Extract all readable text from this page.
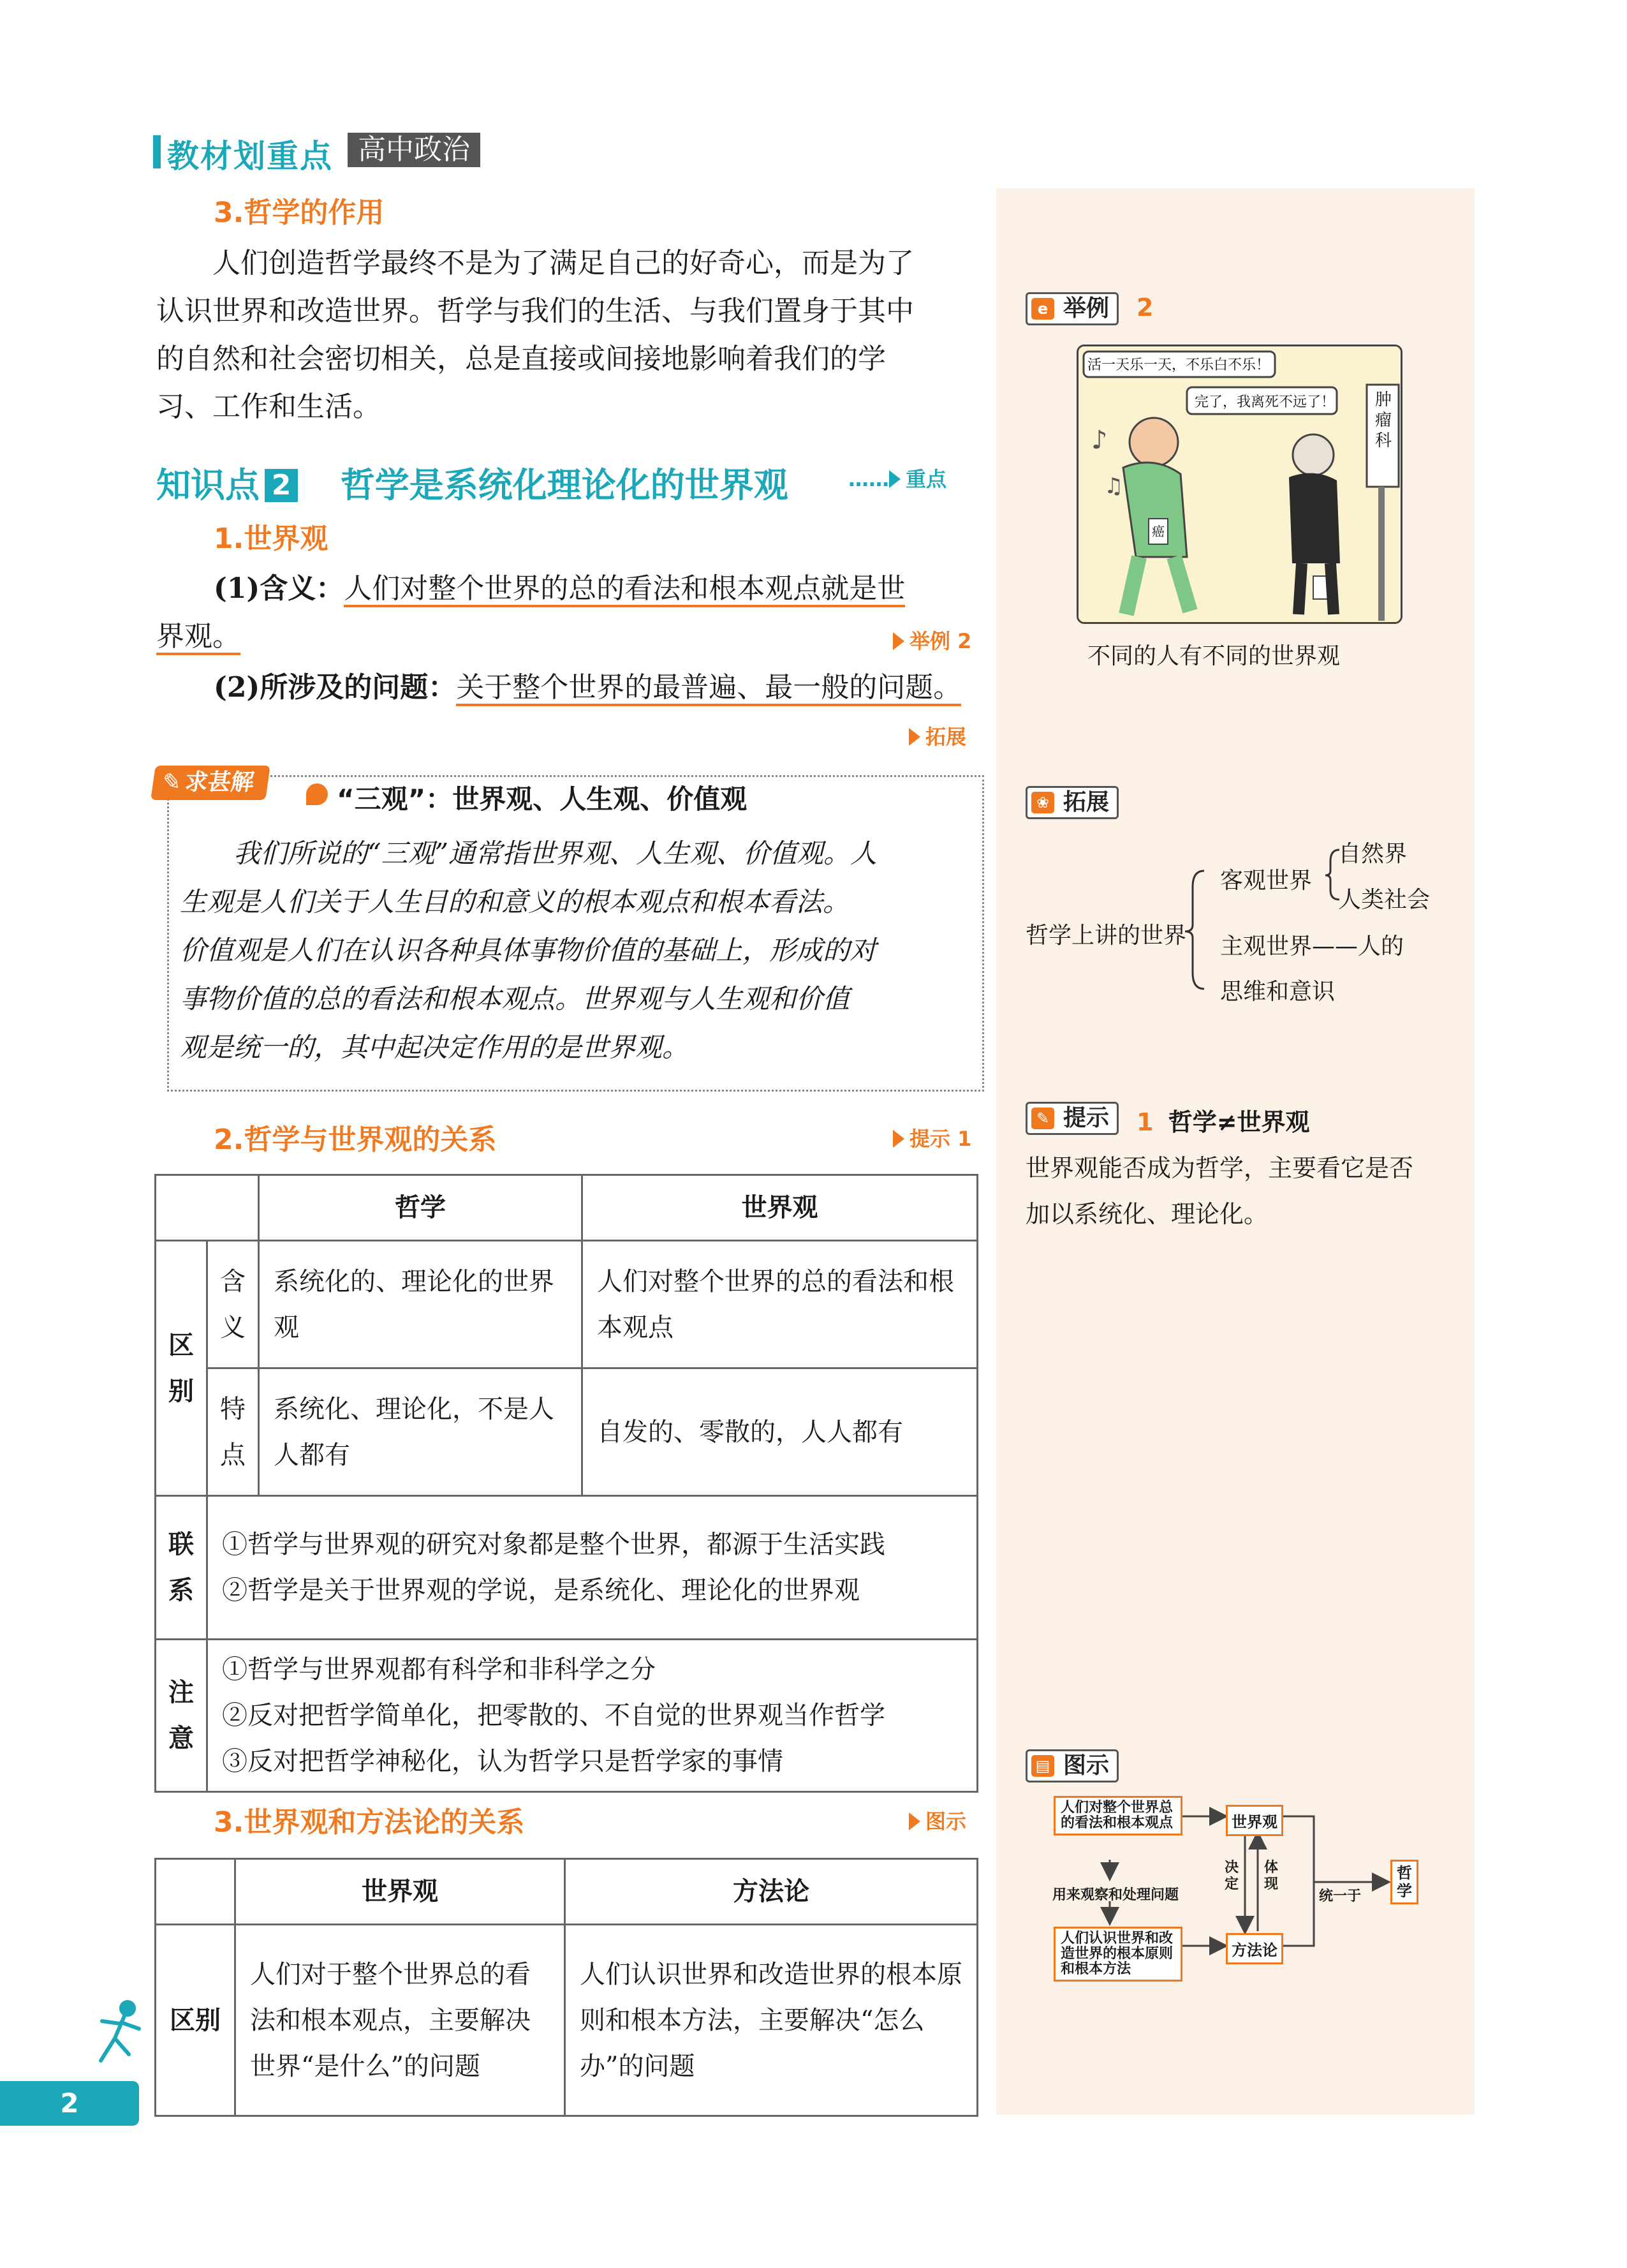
教材划重点 高中政治
3.哲学的作用
人们创造哲学最终不是为了满足自己的好奇心，而是为了
认识世界和改造世界。哲学与我们的生活、与我们置身于其中
的自然和社会密切相关，总是直接或间接地影响着我们的学
习、工作和生活。
知识点 2 哲学是系统化理论化的世界观	…… 重点
1.世界观
(1)含义：人们对整个世界的总的看法和根本观点就是世
界观。	举例 2
(2)所涉及的问题：关于整个世界的最普遍、最一般的问题。
拓展
✎ 求甚解
“三观”：世界观、人生观、价值观
我们所说的“三观”通常指世界观、人生观、价值观。人
生观是人们关于人生目的和意义的根本观点和根本看法。
价值观是人们在认识各种具体事物价值的基础上，形成的对
事物价值的总的看法和根本观点。世界观与人生观和价值
观是统一的，其中起决定作用的是世界观。
2.哲学与世界观的关系	提示 1
		哲学	世界观
区别	含义	系统化的、理论化的世界观	人们对整个世界的总的看法和根本观点
	特点	系统化、理论化，不是人人都有	自发的、零散的，人人都有
联系	①哲学与世界观的研究对象都是整个世界，都源于生活实践
②哲学是关于世界观的学说，是系统化、理论化的世界观		

注意	①哲学与世界观都有科学和非科学之分
②反对把哲学简单化，把零散的、不自觉的世界观当作哲学
③反对把哲学神秘化，认为哲学只是哲学家的事情		
3.世界观和方法论的关系	图示
	世界观	方法论
区别	人们对于整个世界总的看法和根本观点，主要解决世界“是什么”的问题	人们认识世界和改造世界的根本原则和根本方法，主要解决“怎么办”的问题
2
e 举例	2
♪
♫
活一天乐一天，不乐白不乐！
完了，我离死不远了！ 肿瘤科
癌
不同的人有不同的世界观
❀ 拓展
哲学上讲的世界
客观世界
自然界
人类社会
主观世界——人的
思维和意识
✎ 提示	1 哲学≠世界观
世界观能否成为哲学，主要看它是否
加以系统化、理论化。
▤ 图示
人们对整个世界总的看法和根本观点
用来观察和处理问题
人们认识世界和改造世界的根本原则和根本方法
世界观
方法论
决定
体现
统一于
哲学
